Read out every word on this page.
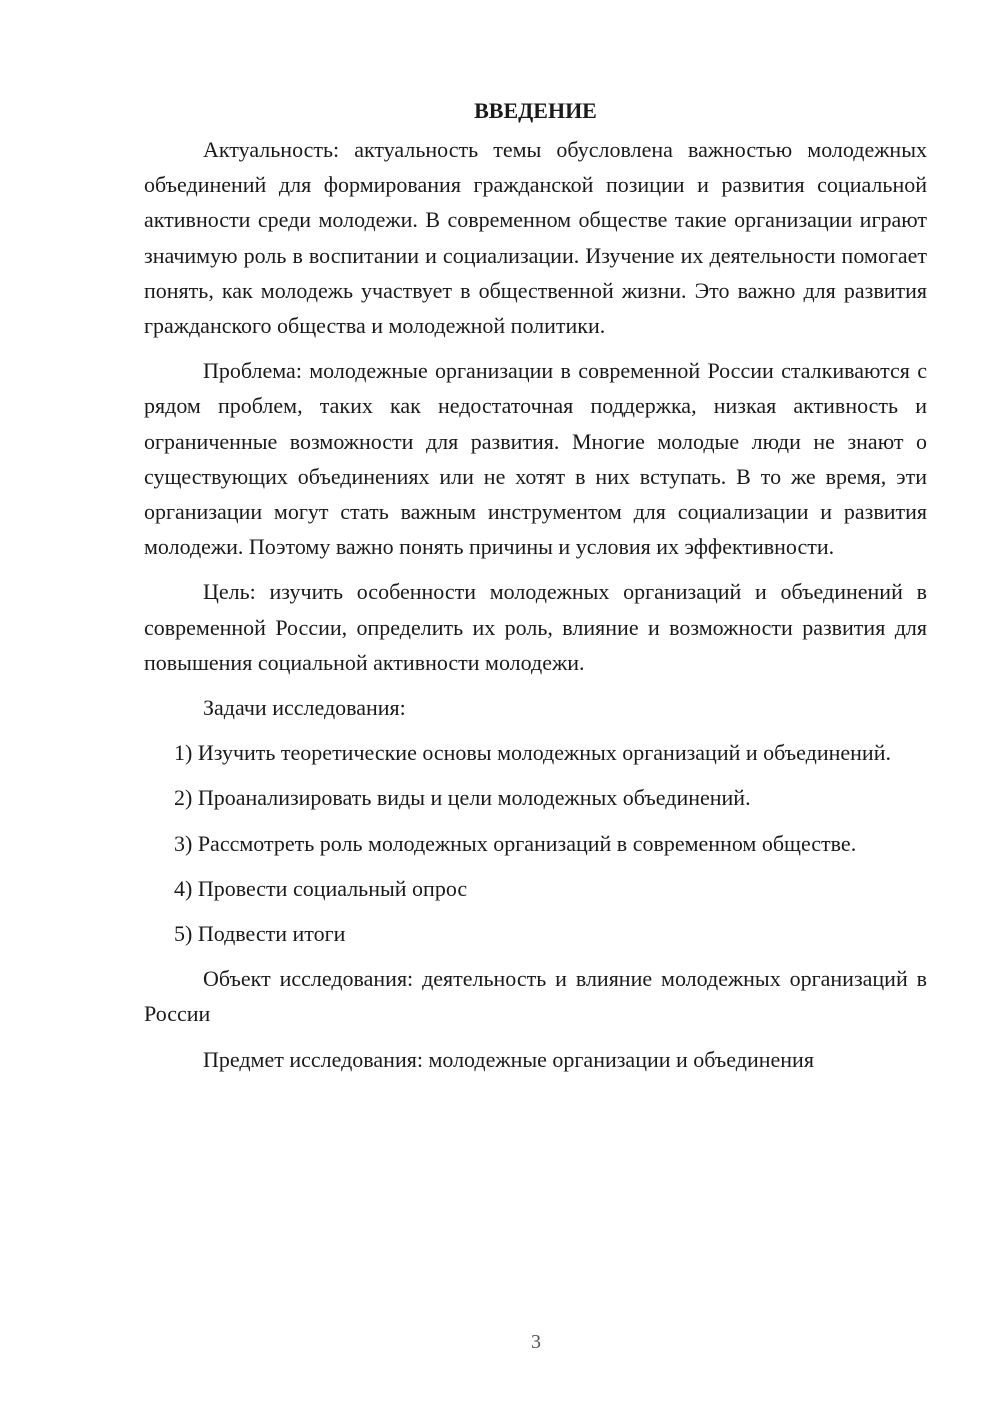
ВВЕДЕНИЕ

Актуальность: актуальность темы обусловлена важностью молодежных объединений для формирования гражданской позиции и развития социальной активности среди молодежи. В современном обществе такие организации играют значимую роль в воспитании и социализации. Изучение их деятельности помогает понять, как молодежь участвует в общественной жизни. Это важно для развития гражданского общества и молодежной политики.

Проблема: молодежные организации в современной России сталкиваются с рядом проблем, таких как недостаточная поддержка, низкая активность и ограниченные возможности для развития. Многие молодые люди не знают о существующих объединениях или не хотят в них вступать. В то же время, эти организации могут стать важным инструментом для социализации и развития молодежи. Поэтому важно понять причины и условия их эффективности.

Цель: изучить особенности молодежных организаций и объединений в современной России, определить их роль, влияние и возможности развития для повышения социальной активности молодежи.

Задачи исследования:

1) Изучить теоретические основы молодежных организаций и объединений.

2) Проанализировать виды и цели молодежных объединений.

3) Рассмотреть роль молодежных организаций в современном обществе.

4) Провести социальный опрос

5) Подвести итоги

Объект исследования: деятельность и влияние молодежных организаций в России

Предмет исследования: молодежные организации и объединения

3
